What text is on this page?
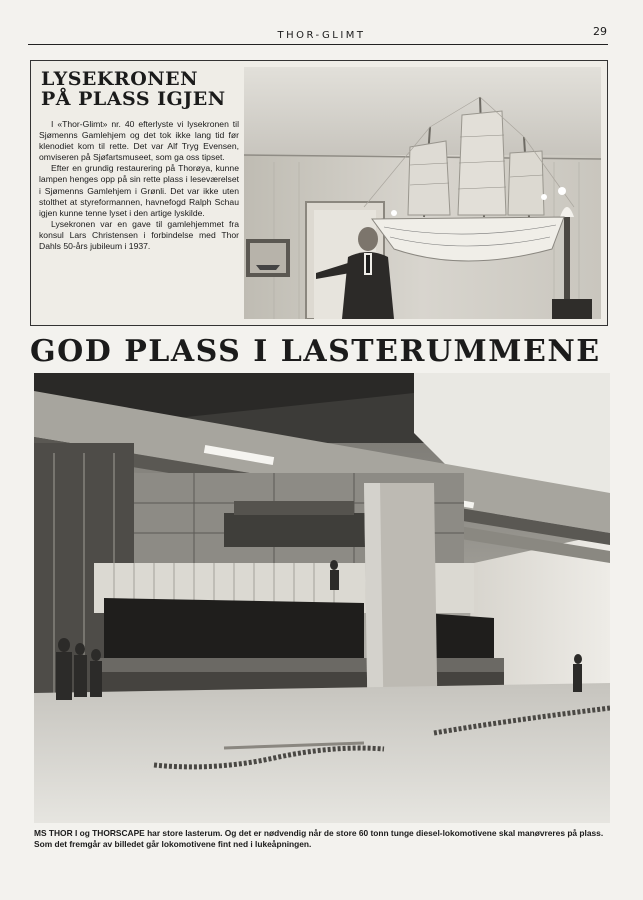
THOR-GLIMT	29
LYSEKRONEN
PÅ PLASS IGJEN

I «Thor-Glimt» nr. 40 efterlyste vi lysekronen til Sjømenns Gamlehjem og det tok ikke lang tid før klenodiet kom til rette. Det var Alf Tryg Evensen, omviseren på Sjøfartsmuseet, som ga oss tipset.

Efter en grundig restaurering på Thorøya, kunne lampen henges opp på sin rette plass i leseværelset i Sjømenns Gamlehjem i Grønli. Det var ikke uten stolthet at styreformannen, havnefogd Ralph Schau igjen kunne tenne lyset i den artige lyskilde.

Lysekronen var en gave til gamlehjemmet fra konsul Lars Christensen i forbindelse med Thor Dahls 50-års jubileum i 1937.

GOD PLASS I LASTERUMMENE
MS THOR I og THORSCAPE har store lasterum. Og det er nødvendig når de store 60 tonn tunge diesel-lokomotivene skal manøvreres på plass. Som det fremgår av billedet går lokomotivene fint ned i lukeåpningen.
